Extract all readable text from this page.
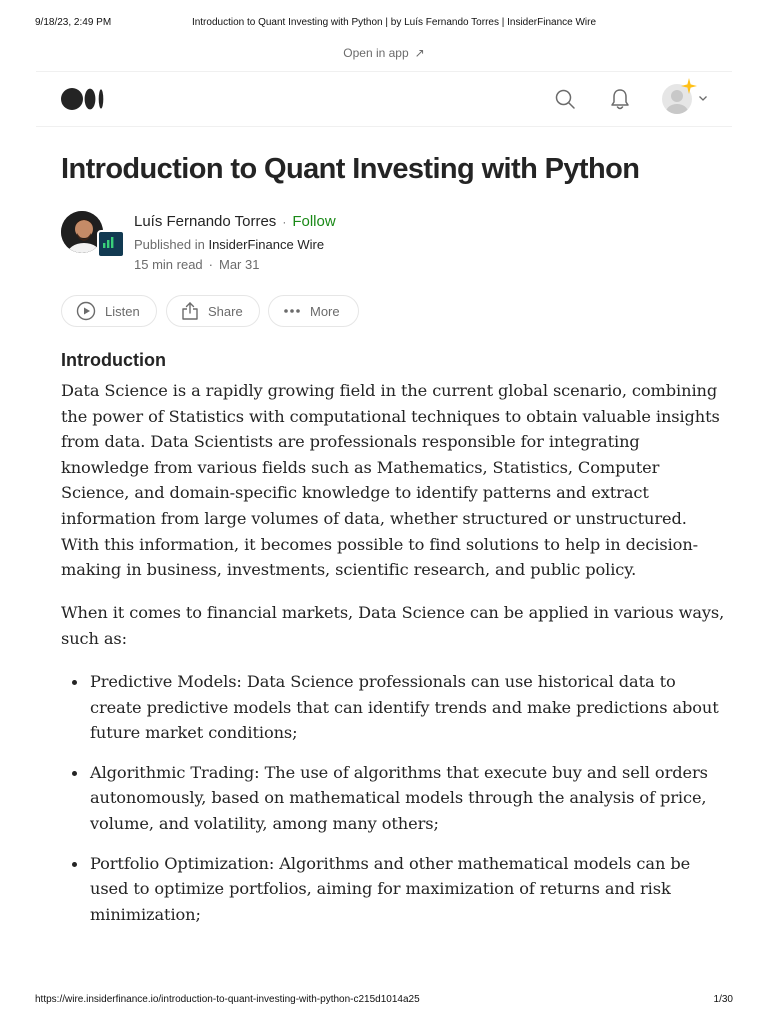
9/18/23, 2:49 PM	Introduction to Quant Investing with Python | by Luís Fernando Torres | InsiderFinance Wire
Open in app ↗
Introduction to Quant Investing with Python
Luís Fernando Torres · Follow
Published in InsiderFinance Wire
15 min read · Mar 31
Listen	Share	More
Introduction

Data Science is a rapidly growing field in the current global scenario, combining the power of Statistics with computational techniques to obtain valuable insights from data. Data Scientists are professionals responsible for integrating knowledge from various fields such as Mathematics, Statistics, Computer Science, and domain-specific knowledge to identify patterns and extract information from large volumes of data, whether structured or unstructured. With this information, it becomes possible to find solutions to help in decision-making in business, investments, scientific research, and public policy.

When it comes to financial markets, Data Science can be applied in various ways, such as:

Predictive Models: Data Science professionals can use historical data to create predictive models that can identify trends and make predictions about future market conditions;
Algorithmic Trading: The use of algorithms that execute buy and sell orders autonomously, based on mathematical models through the analysis of price, volume, and volatility, among many others;
Portfolio Optimization: Algorithms and other mathematical models can be used to optimize portfolios, aiming for maximization of returns and risk minimization;
https://wire.insiderfinance.io/introduction-to-quant-investing-with-python-c215d1014a25	1/30
